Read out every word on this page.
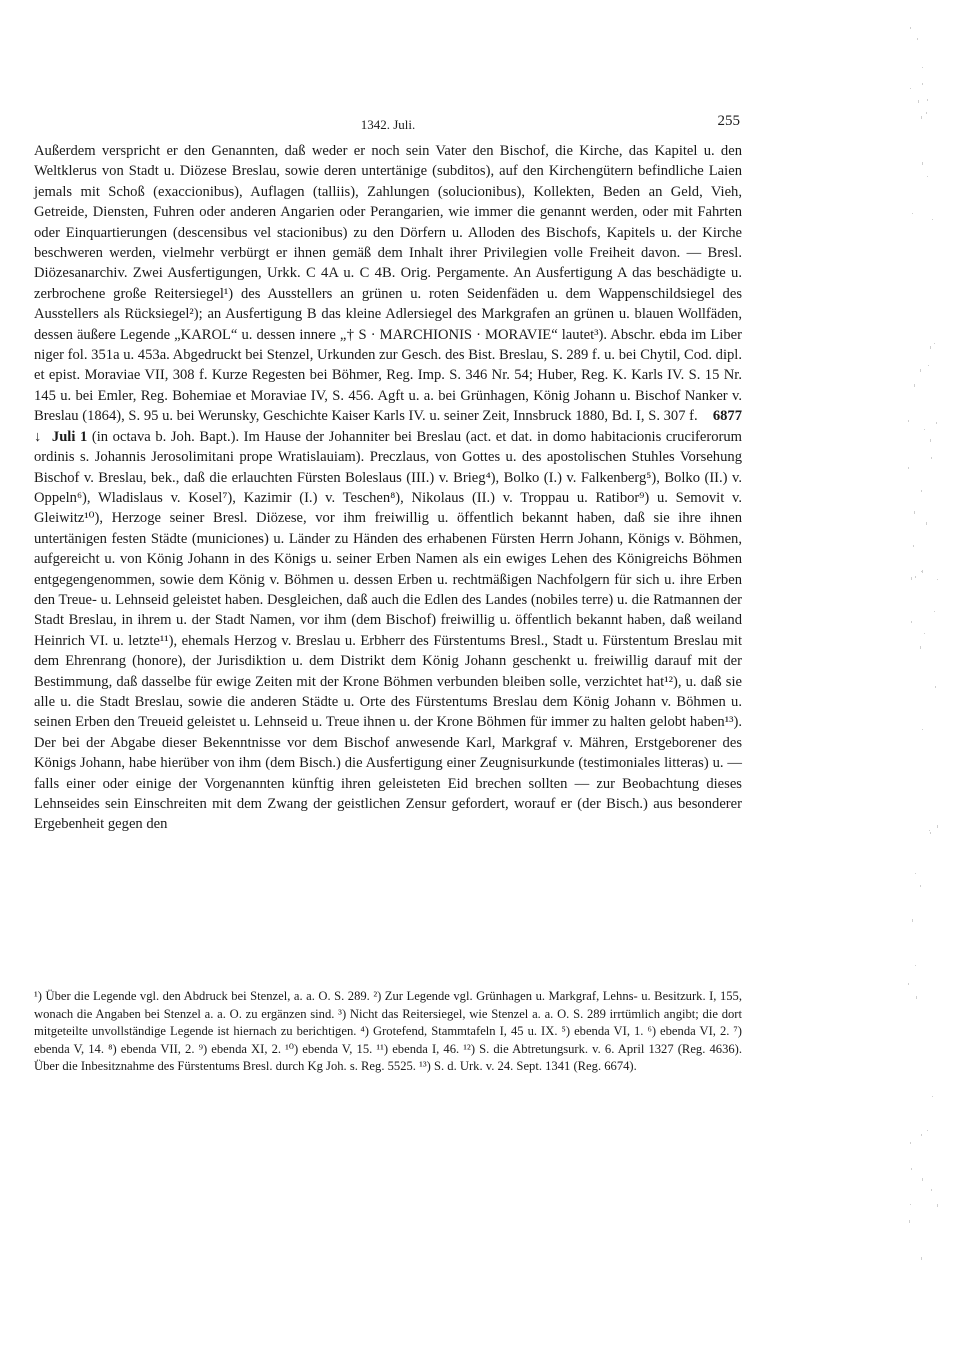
1342. Juli.	255

Außerdem verspricht er den Genannten, daß weder er noch sein Vater den Bischof, die Kirche, das Kapitel u. den Weltklerus von Stadt u. Diözese Breslau, sowie deren untertänige (subditos), auf den Kirchengütern befindliche Laien jemals mit Schoß (exaccionibus), Auflagen (talliis), Zahlungen (solucionibus), Kollekten, Beden an Geld, Vieh, Getreide, Diensten, Fuhren oder anderen Angarien oder Perangarien, wie immer die genannt werden, oder mit Fahrten oder Einquartierungen (descensibus vel stacionibus) zu den Dörfern u. Alloden des Bischofs, Kapitels u. der Kirche beschweren werden, vielmehr verbürgt er ihnen gemäß dem Inhalt ihrer Privilegien volle Freiheit davon. — Bresl. Diözesanarchiv. Zwei Ausfertigungen, Urkk. C 4A u. C 4B. Orig. Pergamente. An Ausfertigung A das beschädigte u. zerbrochene große Reitersiegel¹) des Ausstellers an grünen u. roten Seidenfäden u. dem Wappenschildsiegel des Ausstellers als Rücksiegel²); an Ausfertigung B das kleine Adlersiegel des Markgrafen an grünen u. blauen Wollfäden, dessen äußere Legende „KAROL“ u. dessen innere „† S · MARCHIONIS · MORAVIE“ lautet³). Abschr. ebda im Liber niger fol. 351a u. 453a. Abgedruckt bei Stenzel, Urkunden zur Gesch. des Bist. Breslau, S. 289 f. u. bei Chytil, Cod. dipl. et epist. Moraviae VII, 308 f. Kurze Regesten bei Böhmer, Reg. Imp. S. 346 Nr. 54; Huber, Reg. K. Karls IV. S. 15 Nr. 145 u. bei Emler, Reg. Bohemiae et Moraviae IV, S. 456. Agft u. a. bei Grünhagen, König Johann u. Bischof Nanker v. Breslau (1864), S. 95 u. bei Werunsky, Geschichte Kaiser Karls IV. u. seiner Zeit, Innsbruck 1880, Bd. I, S. 307 f. 6877

↓ Juli 1 (in octava b. Joh. Bapt.). Im Hause der Johanniter bei Breslau (act. et dat. in domo habitacionis cruciferorum ordinis s. Johannis Jerosolimitani prope Wratislauiam). Preczlaus, von Gottes u. des apostolischen Stuhles Vorsehung Bischof v. Breslau, bek., daß die erlauchten Fürsten Boleslaus (III.) v. Brieg⁴), Bolko (I.) v. Falkenberg⁵), Bolko (II.) v. Oppeln⁶), Wladislaus v. Kosel⁷), Kazimir (I.) v. Teschen⁸), Nikolaus (II.) v. Troppau u. Ratibor⁹) u. Semovit v. Gleiwitz¹⁰), Herzoge seiner Bresl. Diözese, vor ihm freiwillig u. öffentlich bekannt haben, daß sie ihre ihnen untertänigen festen Städte (municiones) u. Länder zu Händen des erhabenen Fürsten Herrn Johann, Königs v. Böhmen, aufgereicht u. von König Johann in des Königs u. seiner Erben Namen als ein ewiges Lehen des Königreichs Böhmen entgegengenommen, sowie dem König v. Böhmen u. dessen Erben u. rechtmäßigen Nachfolgern für sich u. ihre Erben den Treue- u. Lehnseid geleistet haben. Desgleichen, daß auch die Edlen des Landes (nobiles terre) u. die Ratmannen der Stadt Breslau, in ihrem u. der Stadt Namen, vor ihm (dem Bischof) freiwillig u. öffentlich bekannt haben, daß weiland Heinrich VI. u. letzte¹¹), ehemals Herzog v. Breslau u. Erbherr des Fürstentums Bresl., Stadt u. Fürstentum Breslau mit dem Ehrenrang (honore), der Jurisdiktion u. dem Distrikt dem König Johann geschenkt u. freiwillig darauf mit der Bestimmung, daß dasselbe für ewige Zeiten mit der Krone Böhmen verbunden bleiben solle, verzichtet hat¹²), u. daß sie alle u. die Stadt Breslau, sowie die anderen Städte u. Orte des Fürstentums Breslau dem König Johann v. Böhmen u. seinen Erben den Treueid geleistet u. Lehnseid u. Treue ihnen u. der Krone Böhmen für immer zu halten gelobt haben¹³). Der bei der Abgabe dieser Bekenntnisse vor dem Bischof anwesende Karl, Markgraf v. Mähren, Erstgeborener des Königs Johann, habe hierüber von ihm (dem Bisch.) die Ausfertigung einer Zeugnisurkunde (testimoniales litteras) u. — falls einer oder einige der Vorgenannten künftig ihren geleisteten Eid brechen sollten — zur Beobachtung dieses Lehnseides sein Einschreiten mit dem Zwang der geistlichen Zensur gefordert, worauf er (der Bisch.) aus besonderer Ergebenheit gegen den

¹) Über die Legende vgl. den Abdruck bei Stenzel, a. a. O. S. 289. ²) Zur Legende vgl. Grünhagen u. Markgraf, Lehns- u. Besitzurk. I, 155, wonach die Angaben bei Stenzel a. a. O. zu ergänzen sind. ³) Nicht das Reitersiegel, wie Stenzel a. a. O. S. 289 irrtümlich angibt; die dort mitgeteilte unvollständige Legende ist hiernach zu berichtigen. ⁴) Grotefend, Stammtafeln I, 45 u. IX. ⁵) ebenda VI, 1. ⁶) ebenda VI, 2. ⁷) ebenda V, 14. ⁸) ebenda VII, 2. ⁹) ebenda XI, 2. ¹⁰) ebenda V, 15. ¹¹) ebenda I, 46. ¹²) S. die Abtretungsurk. v. 6. April 1327 (Reg. 4636). Über die Inbesitznahme des Fürstentums Bresl. durch Kg Joh. s. Reg. 5525. ¹³) S. d. Urk. v. 24. Sept. 1341 (Reg. 6674).
